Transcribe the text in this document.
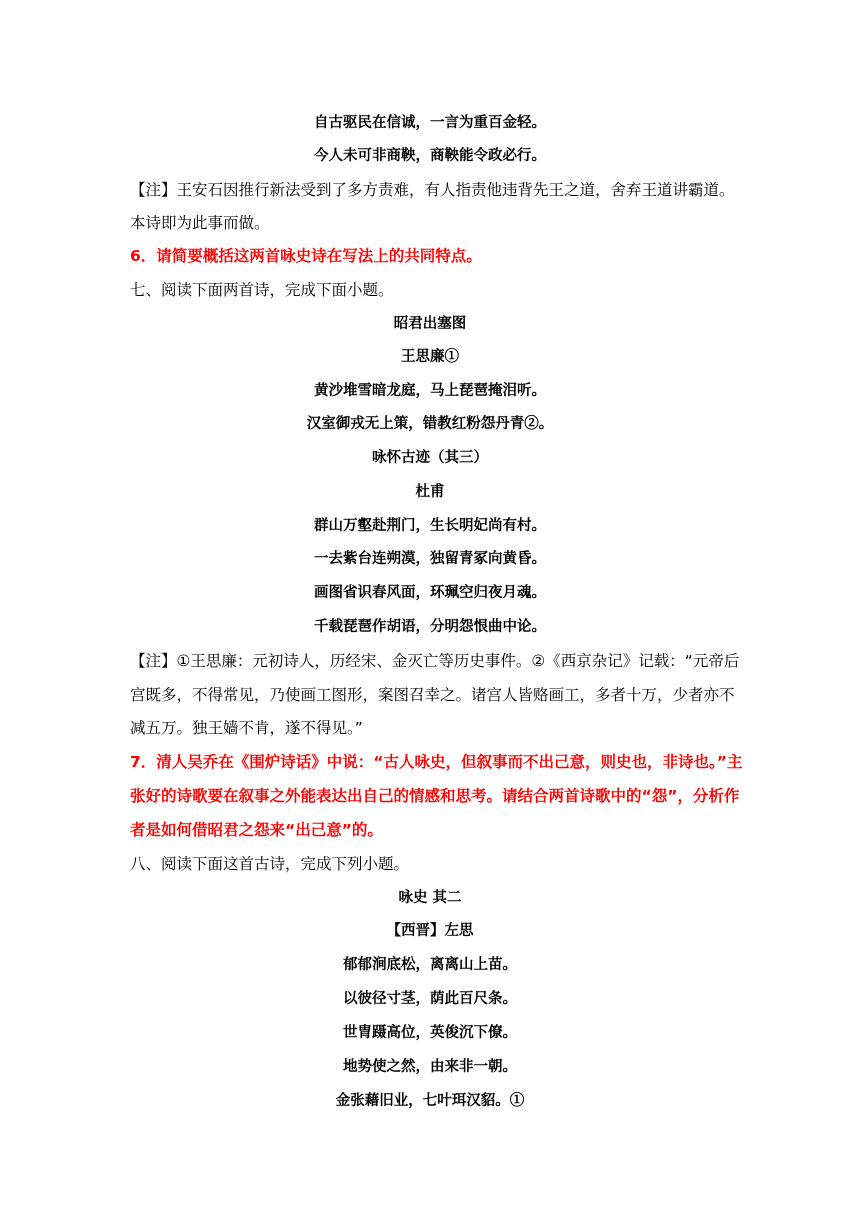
自古驱民在信诚，一言为重百金轻。
今人未可非商鞅，商鞅能令政必行。
【注】王安石因推行新法受到了多方责难，有人指责他违背先王之道，舍弃王道讲霸道。
本诗即为此事而做。
6．请简要概括这两首咏史诗在写法上的共同特点。
七、阅读下面两首诗，完成下面小题。
昭君出塞图
王思廉①
黄沙堆雪暗龙庭，马上琵琶掩泪听。
汉室御戎无上策，错教红粉怨丹青②。
咏怀古迹（其三）
杜甫
群山万壑赴荆门，生长明妃尚有村。
一去紫台连朔漠，独留青冢向黄昏。
画图省识春风面，环珮空归夜月魂。
千载琵琶作胡语，分明怨恨曲中论。
【注】①王思廉：元初诗人，历经宋、金灭亡等历史事件。②《西京杂记》记载：“元帝后
宫既多，不得常见，乃使画工图形，案图召幸之。诸宫人皆赂画工，多者十万，少者亦不
减五万。独王嫱不肯，遂不得见。”
7．清人吴乔在《围炉诗话》中说：“古人咏史，但叙事而不出己意，则史也，非诗也。”主
张好的诗歌要在叙事之外能表达出自己的情感和思考。请结合两首诗歌中的“怨”，分析作
者是如何借昭君之怨来“出己意”的。
八、阅读下面这首古诗，完成下列小题。
咏史 其二
【西晋】左思
郁郁涧底松，离离山上苗。
以彼径寸茎，荫此百尺条。
世胄蹑高位，英俊沉下僚。
地势使之然，由来非一朝。
金张藉旧业，七叶珥汉貂。①
